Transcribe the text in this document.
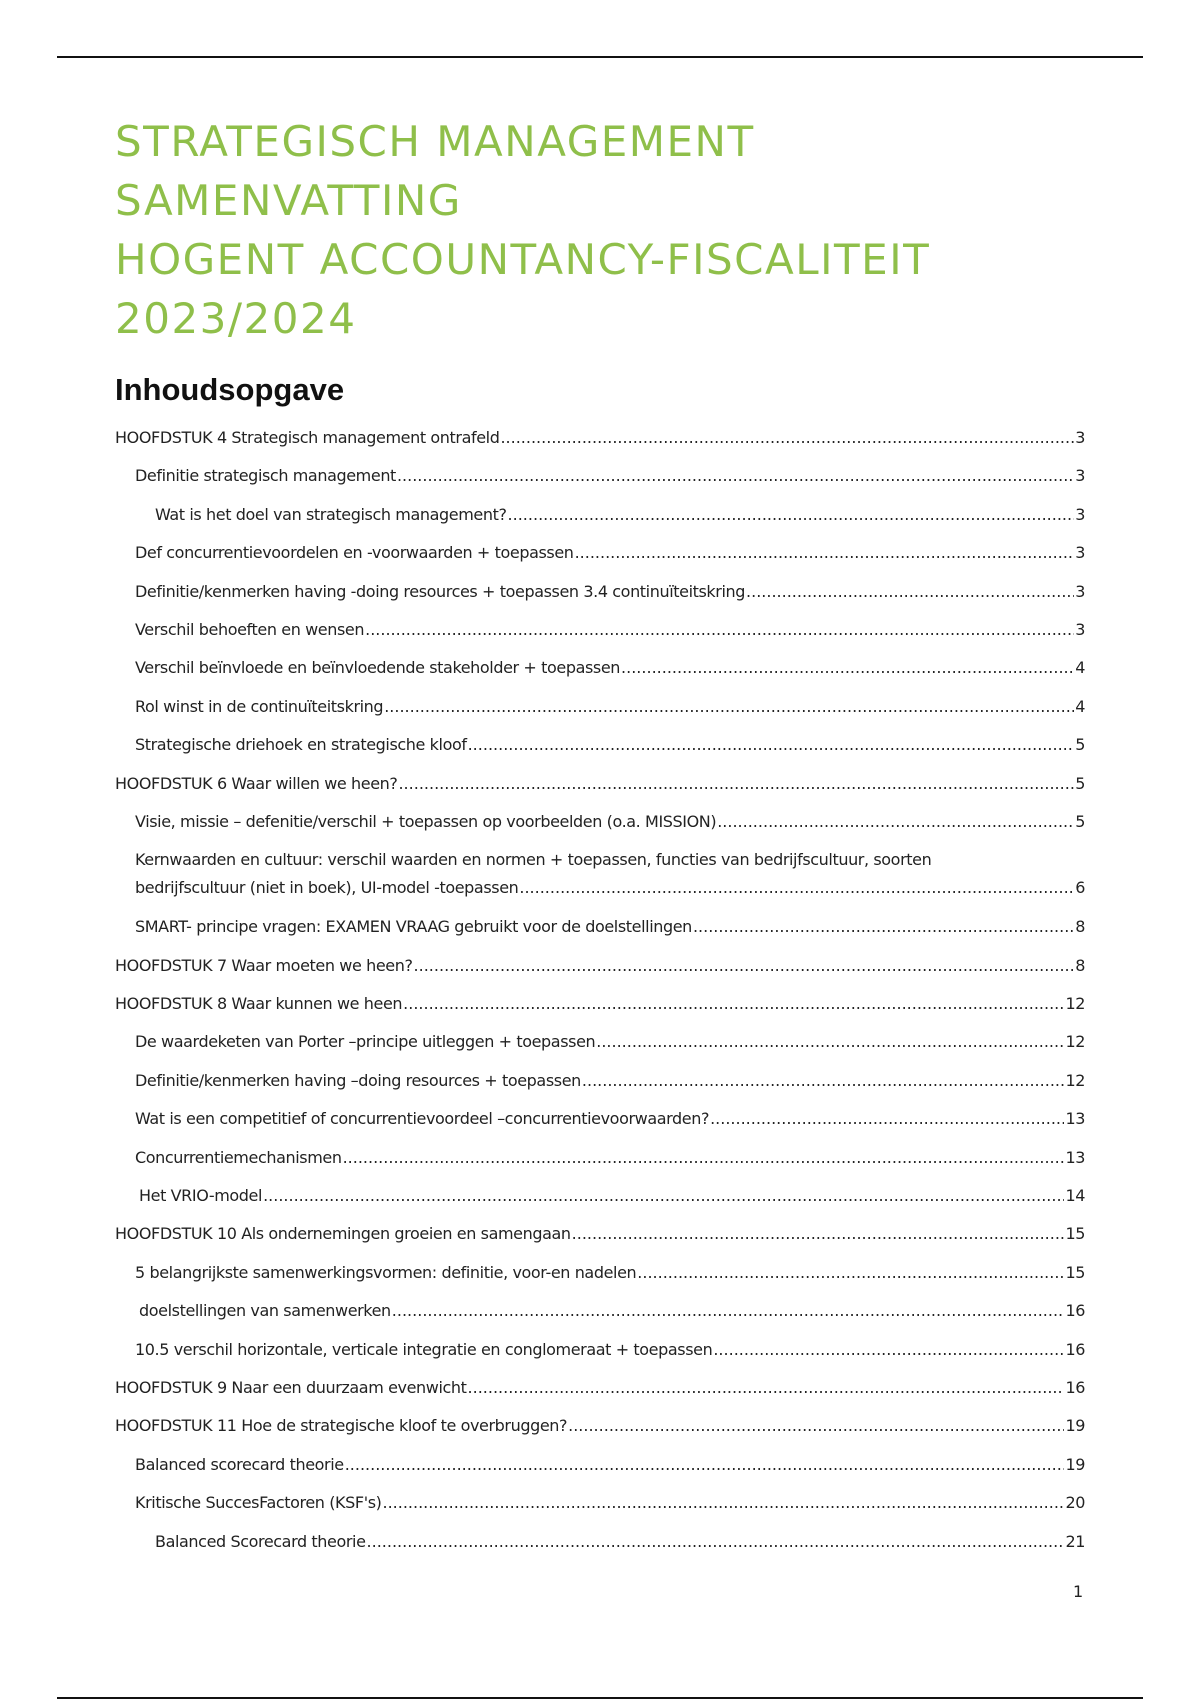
STRATEGISCH MANAGEMENT
SAMENVATTING
HOGENT ACCOUNTANCY-FISCALITEIT
2023/2024
Inhoudsopgave
HOOFDSTUK 4 Strategisch management ontrafeld .....	3
Definitie strategisch management .....	3
Wat is het doel van strategisch management? .....	3
Def concurrentievoordelen en -voorwaarden + toepassen .....	3
Definitie/kenmerken having -doing resources + toepassen 3.4 continuïteitskring .....	3
Verschil behoeften en wensen .....	3
Verschil beïnvloede en beïnvloedende stakeholder + toepassen .....	4
Rol winst in de continuïteitskring .....	4
Strategische driehoek en strategische kloof .....	5
HOOFDSTUK 6 Waar willen we heen? .....	5
Visie, missie – defenitie/verschil + toepassen op voorbeelden (o.a. MISSION) .....	5
Kernwaarden en cultuur: verschil waarden en normen + toepassen, functies van bedrijfscultuur, soorten
bedrijfscultuur (niet in boek), UI-model -toepassen .....	6
SMART- principe vragen: EXAMEN VRAAG gebruikt voor de doelstellingen .....	8
HOOFDSTUK 7 Waar moeten we heen? .....	8
HOOFDSTUK 8 Waar kunnen we heen .....	12
De waardeketen van Porter –principe uitleggen + toepassen .....	12
Definitie/kenmerken having –doing resources + toepassen .....	12
Wat is een competitief of concurrentievoordeel –concurrentievoorwaarden? .....	13
Concurrentiemechanismen .....	13
Het VRIO-model .....	14
HOOFDSTUK 10 Als ondernemingen groeien en samengaan .....	15
5 belangrijkste samenwerkingsvormen: definitie, voor-en nadelen .....	15
doelstellingen van samenwerken .....	16
10.5 verschil horizontale, verticale integratie en conglomeraat + toepassen .....	16
HOOFDSTUK 9 Naar een duurzaam evenwicht .....	16
HOOFDSTUK 11 Hoe de strategische kloof te overbruggen? .....	19
Balanced scorecard theorie .....	19
Kritische SuccesFactoren (KSF's) .....	20
Balanced Scorecard theorie .....	21
1
